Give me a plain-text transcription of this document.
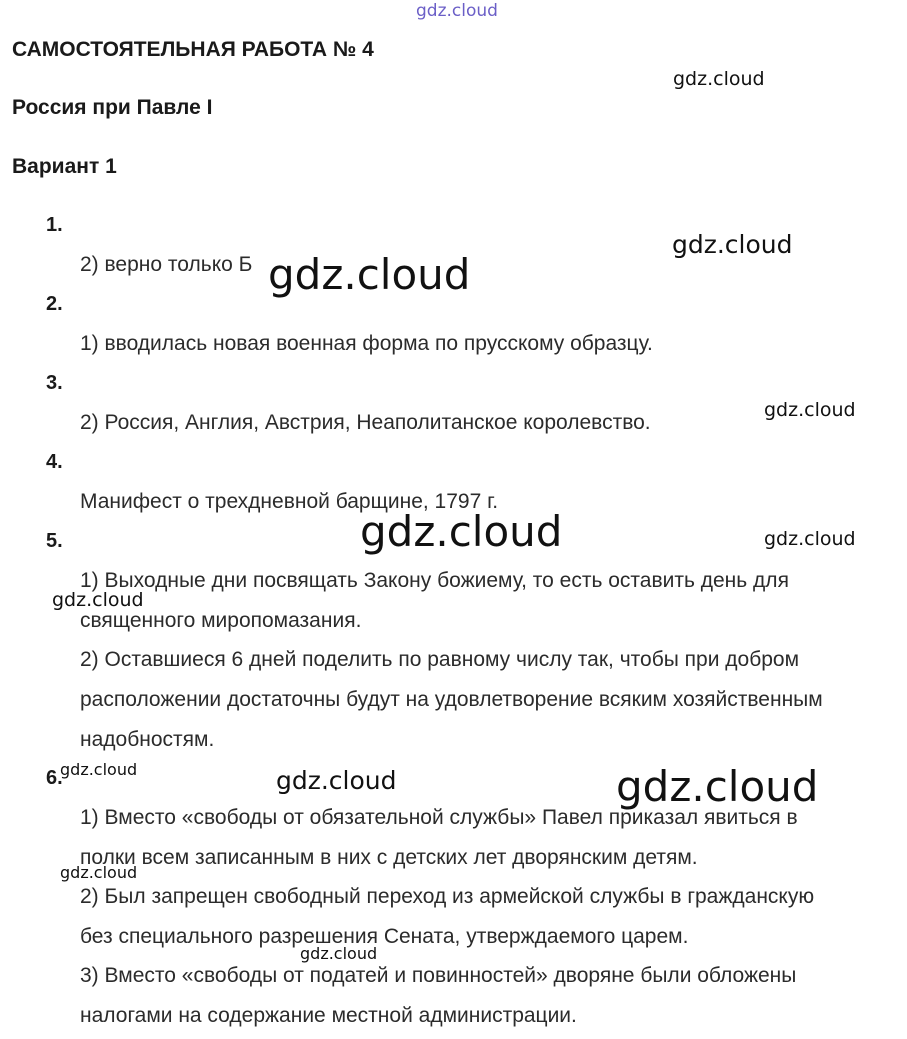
САМОСТОЯТЕЛЬНАЯ РАБОТА № 4
Россия при Павле I
Вариант 1
1.
2) верно только Б
2.
1) вводилась новая военная форма по прусскому образцу.
3.
2) Россия, Англия, Австрия, Неаполитанское королевство.
4.
Манифест о трехдневной барщине, 1797 г.
5.
1) Выходные дни посвящать Закону божиему, то есть оставить день для
священного миропомазания.
2) Оставшиеся 6 дней поделить по равному числу так, чтобы при добром
расположении достаточны будут на удовлетворение всяким хозяйственным
надобностям.
6.
1) Вместо «свободы от обязательной службы» Павел приказал явиться в
полки всем записанным в них с детских лет дворянским детям.
2) Был запрещен свободный переход из армейской службы в гражданскую
без специального разрешения Сената, утверждаемого царем.
3) Вместо «свободы от податей и повинностей» дворяне были обложены
налогами на содержание местной администрации.
gdz.cloud
gdz.cloud
gdz.cloud
gdz.cloud
gdz.cloud
gdz.cloud	gdz.cloud
gdz.cloud
gdz.cloud	gdz.cloud	gdz.cloud
gdz.cloud
gdz.cloud
